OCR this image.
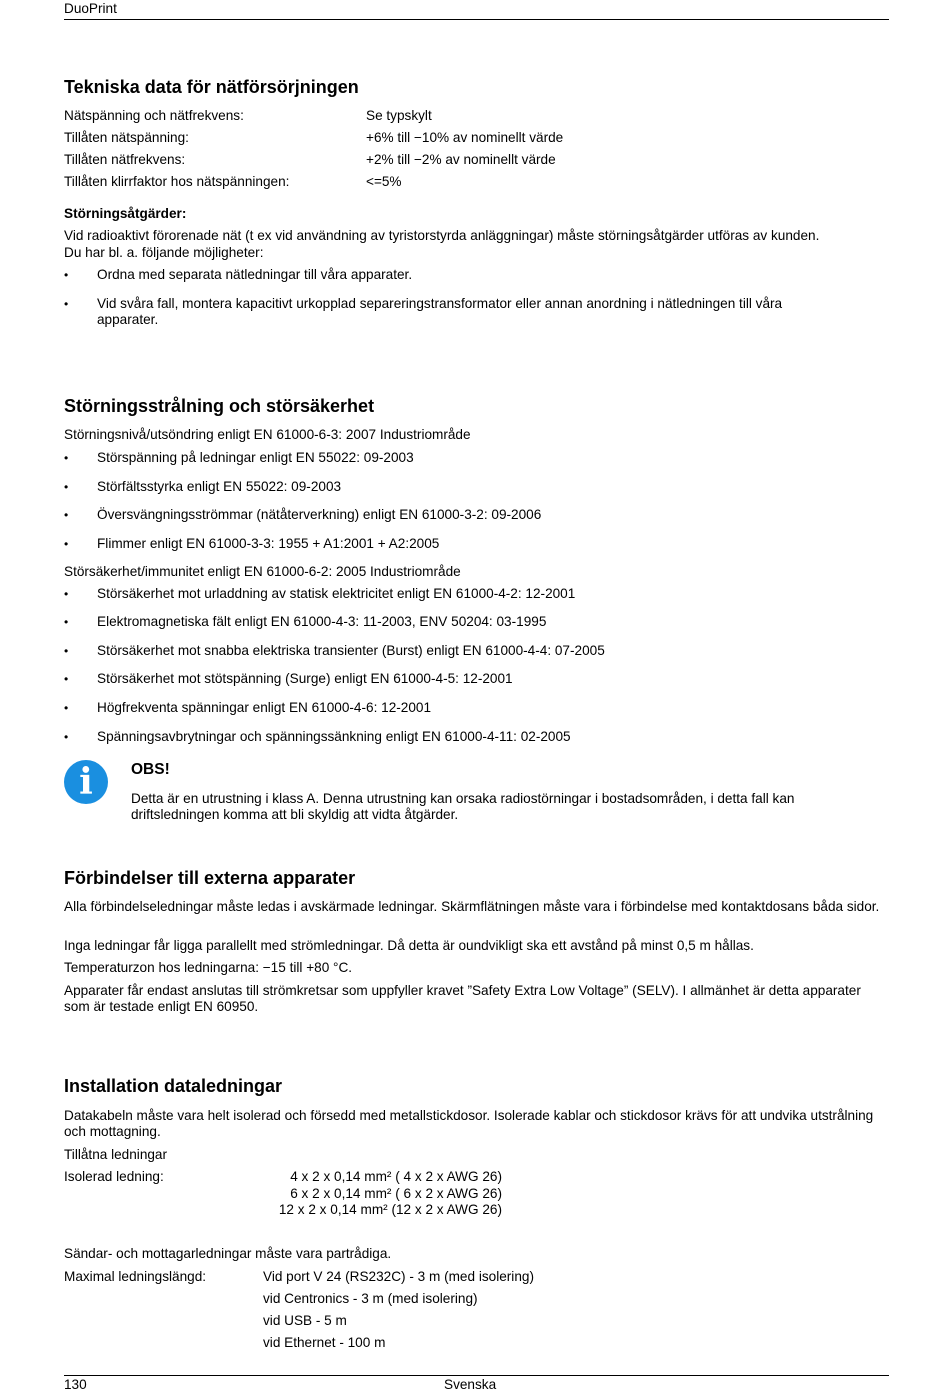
DuoPrint
Tekniska data för nätförsörjningen
Nätspänning och nätfrekvens:	Se typskylt
Tillåten nätspänning:	+6% till −10% av nominellt värde
Tillåten nätfrekvens:	+2% till −2% av nominellt värde
Tillåten klirrfaktor hos nätspänningen:	<=5%
Störningsåtgärder:
Vid radioaktivt förorenade nät (t ex vid användning av tyristorstyrda anläggningar) måste störningsåtgärder utföras av kunden.
Du har bl. a. följande möjligheter:
• Ordna med separata nätledningar till våra apparater.
• Vid svåra fall, montera kapacitivt urkopplad separeringstransformator eller annan anordning i nätledningen till våra apparater.
Störningsstrålning och störsäkerhet
Störningsnivå/utsöndring enligt EN 61000-6-3: 2007 Industriområde
• Störspänning på ledningar enligt EN 55022: 09-2003
• Störfältsstyrka enligt EN 55022: 09-2003
• Översvängningsströmmar (nätåterverkning) enligt EN 61000-3-2: 09-2006
• Flimmer enligt EN 61000-3-3: 1955 + A1:2001 + A2:2005
Störsäkerhet/immunitet enligt EN 61000-6-2: 2005 Industriområde
• Störsäkerhet mot urladdning av statisk elektricitet enligt EN 61000-4-2: 12-2001
• Elektromagnetiska fält enligt EN 61000-4-3: 11-2003, ENV 50204: 03-1995
• Störsäkerhet mot snabba elektriska transienter (Burst) enligt EN 61000-4-4: 07-2005
• Störsäkerhet mot stötspänning (Surge) enligt EN 61000-4-5: 12-2001
• Högfrekventa spänningar enligt EN 61000-4-6: 12-2001
• Spänningsavbrytningar och spänningssänkning enligt EN 61000-4-11: 02-2005
i	OBS!
Detta är en utrustning i klass A. Denna utrustning kan orsaka radiostörningar i bostadsområden, i detta fall kan driftsledningen komma att bli skyldig att vidta åtgärder.
Förbindelser till externa apparater
Alla förbindelseledningar måste ledas i avskärmade ledningar. Skärmflätningen måste vara i förbindelse med kontaktdosans båda sidor.
Inga ledningar får ligga parallellt med strömledningar. Då detta är oundvikligt ska ett avstånd på minst 0,5 m hållas.
Temperaturzon hos ledningarna: −15 till +80 °C.
Apparater får endast anslutas till strömkretsar som uppfyller kravet ”Safety Extra Low Voltage” (SELV). I allmänhet är detta apparater som är testade enligt EN 60950.
Installation dataledningar
Datakabeln måste vara helt isolerad och försedd med metallstickdosor. Isolerade kablar och stickdosor krävs för att undvika utstrålning och mottagning.
Tillåtna ledningar
Isolerad ledning:	4 x 2 x 0,14 mm² ( 4 x 2 x AWG 26)
6 x 2 x 0,14 mm² ( 6 x 2 x AWG 26)
12 x 2 x 0,14 mm² (12 x 2 x AWG 26)
Sändar- och mottagarledningar måste vara partrådiga.
Maximal ledningslängd:	Vid port V 24 (RS232C) - 3 m (med isolering)
vid Centronics - 3 m (med isolering)
vid USB - 5 m
vid Ethernet - 100 m
130	Svenska
